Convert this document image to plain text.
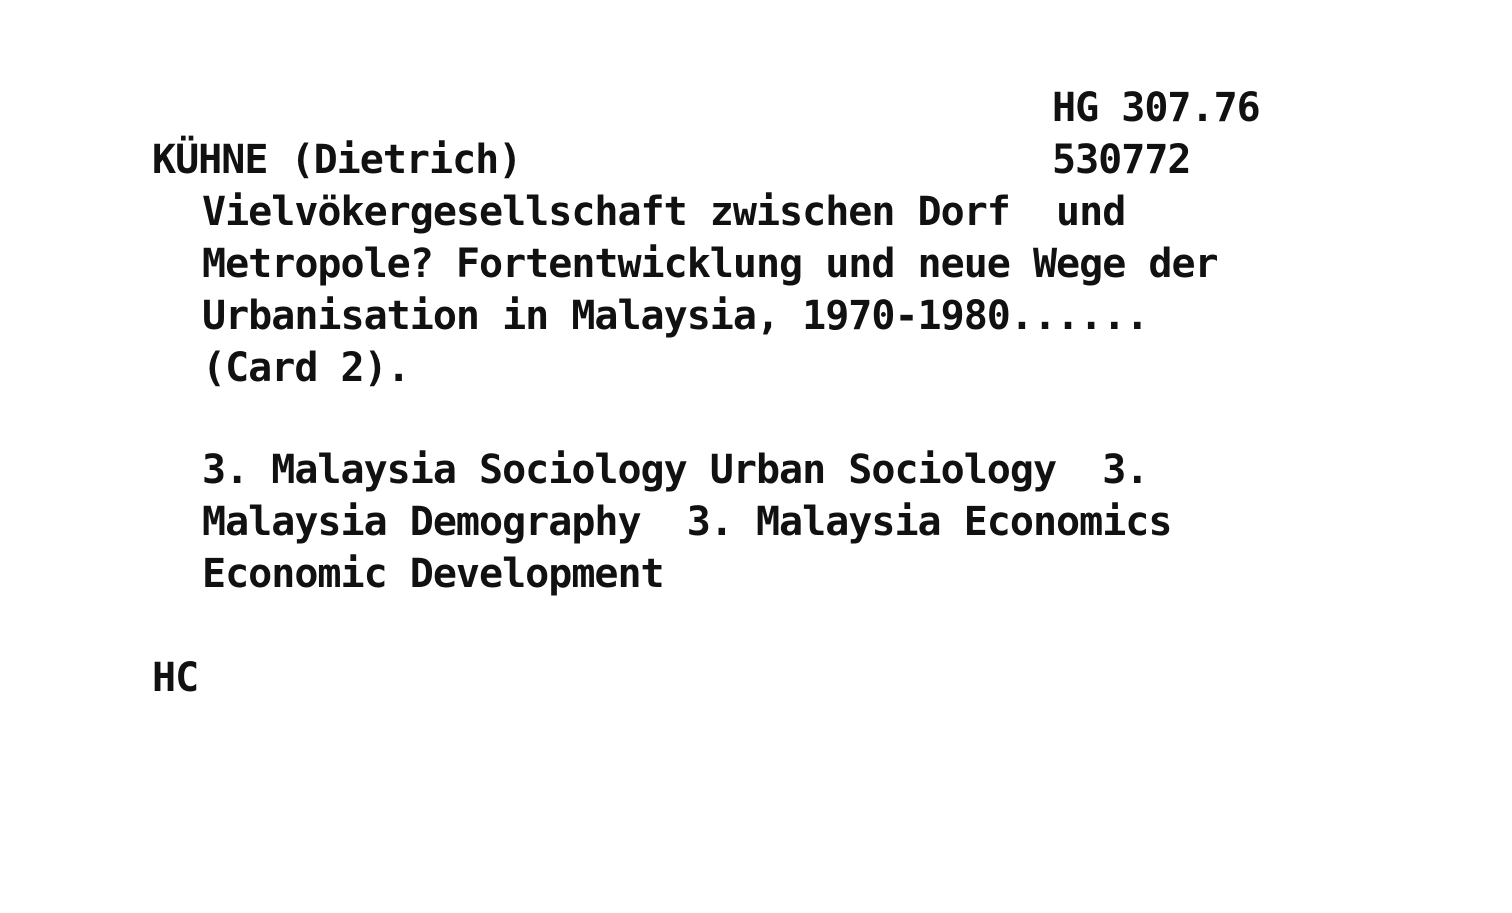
HG 307.76

530772

KÜHNE (Dietrich)

Vielvökergesellschaft zwischen Dorf  und

Metropole? Fortentwicklung und neue Wege der

Urbanisation in Malaysia, 1970-1980......

(Card 2).

3. Malaysia Sociology Urban Sociology  3.

Malaysia Demography  3. Malaysia Economics

Economic Development

HC
